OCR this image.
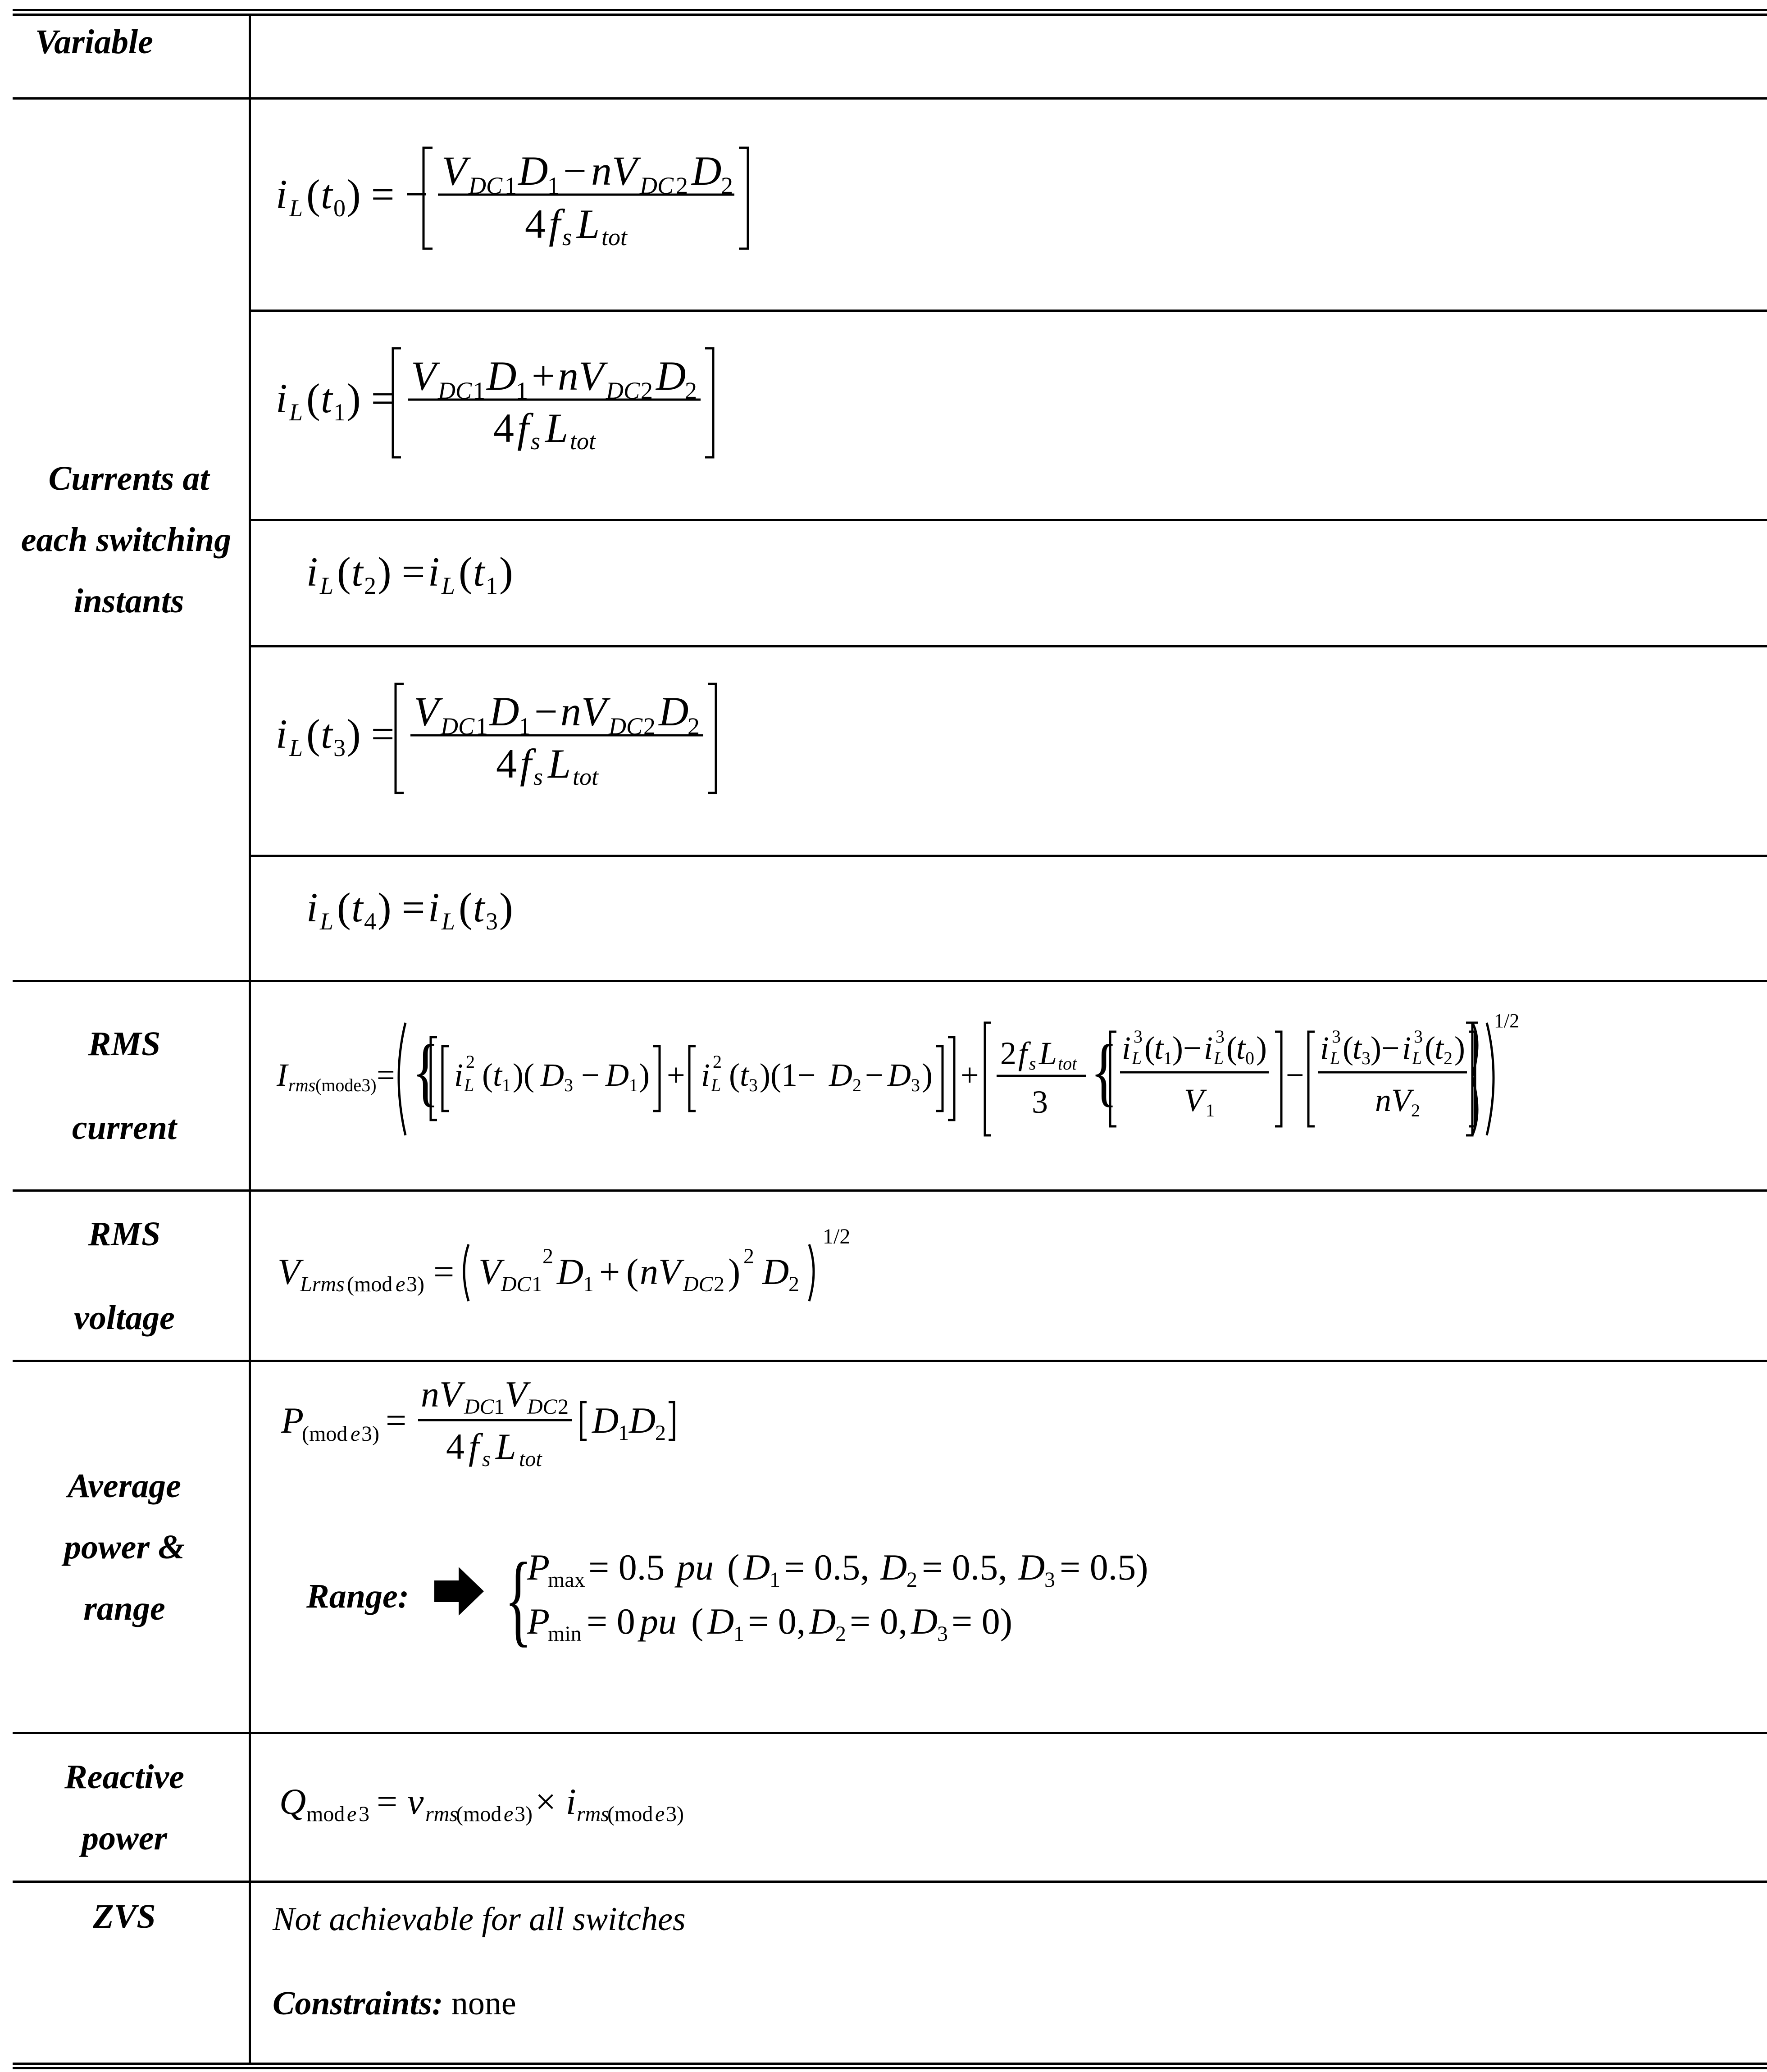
Variable
Currents at
each switching
instants
RMS
current
RMS
voltage
Average
power &
range
Reactive
power
ZVS
i L ( t 0 ) = −
V DC 1 D
1 − nV DC 2 D
2
4 f s L tot
i L ( t 1 ) = V DC 1 D
1 + nV DC 2 D
2
4 f s L tot
i L ( t 2 ) = i L ( t 1 )
i L ( t 3 ) = V DC 1 D
1 − nV DC 2 D
2
4 f s L tot
i L ( t 4 ) = i L ( t 3 )
I rms (mode3) =
1/2
{ i L
2 ( t 1 )( D 3 − D 1 ) + i L
2 ( t 3 )(1− D 2 − D 3 ) +
2 f s L tot
3 { i L
3 (
t 1 )− i L
3 (
t 0 )
V 1
−
i L
3 (
t 3 )− i L
3 (
t 2 )
nV 2
V Lrms (mod e 3) = V DC 1
2 D
1 + ( nV DC 2 ) 2 D
2
1/2
P
(mod e 3) =
nV DC 1 V DC 2
4 f s L tot
D
1 D
2
Range: {
P
max = 0.5 pu ( D
1 = 0.5, D
2 = 0.5, D
3 = 0.5)
P
min = 0 pu ( D
1 = 0, D
2 = 0, D
3 = 0)
Q mod e 3 = v rms
(mod e 3) × i rms
(mod e 3)
Not achievable for all switches
Constraints: none
